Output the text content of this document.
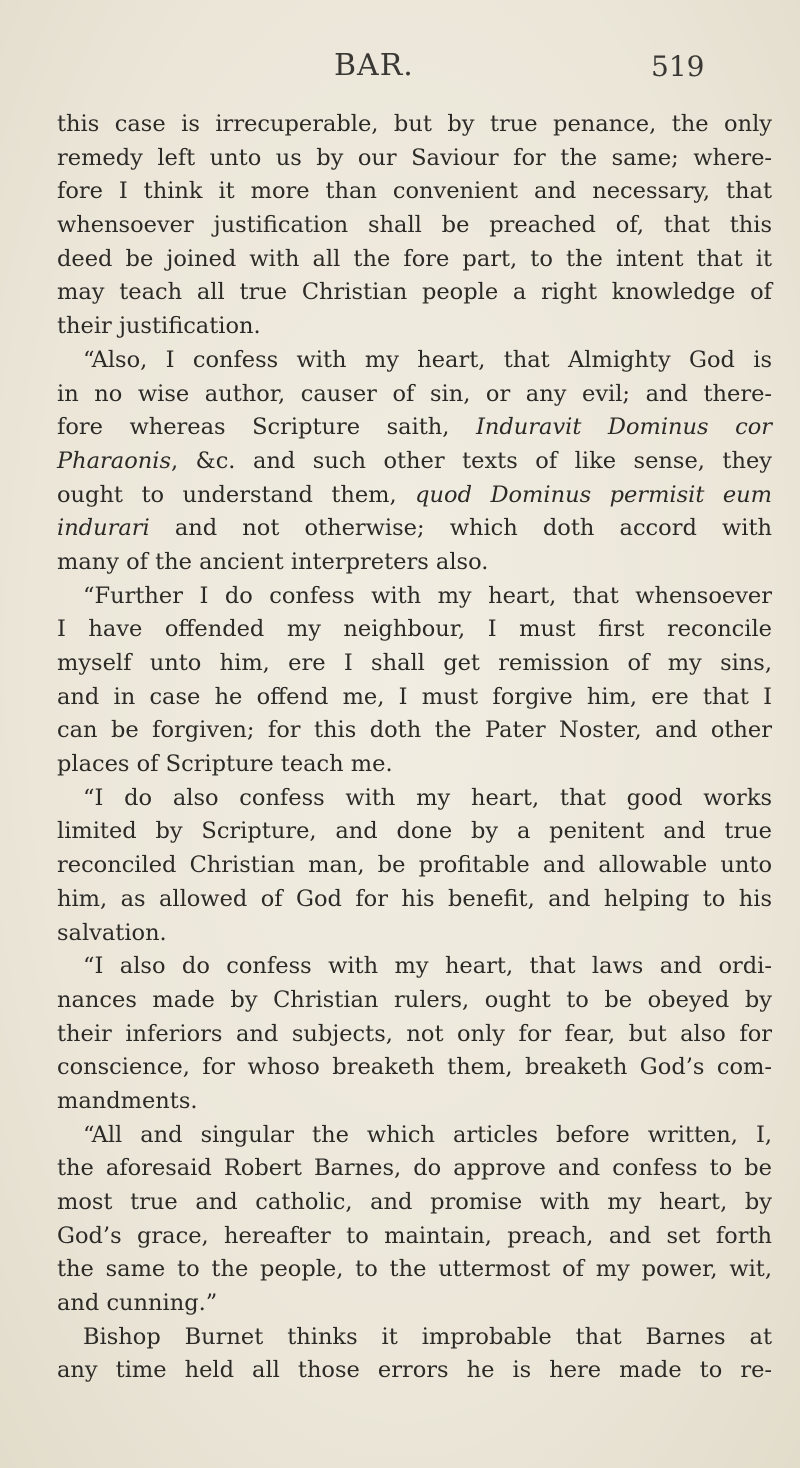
BAR.	519
this case is irrecuperable, but by true penance, the only
remedy left unto us by our Saviour for the same; where-
fore I think it more than convenient and necessary, that
whensoever justification shall be preached of, that this
deed be joined with all the fore part, to the intent that it
may teach all true Christian people a right knowledge of
their justification.
“Also, I confess with my heart, that Almighty God is
in no wise author, causer of sin, or any evil; and there-
fore whereas Scripture saith, Induravit Dominus cor
Pharaonis, &c. and such other texts of like sense, they
ought to understand them, quod Dominus permisit eum
indurari and not otherwise; which doth accord with
many of the ancient interpreters also.
“Further I do confess with my heart, that whensoever
I have offended my neighbour, I must first reconcile
myself unto him, ere I shall get remission of my sins,
and in case he offend me, I must forgive him, ere that I
can be forgiven; for this doth the Pater Noster, and other
places of Scripture teach me.
“I do also confess with my heart, that good works
limited by Scripture, and done by a penitent and true
reconciled Christian man, be profitable and allowable unto
him, as allowed of God for his benefit, and helping to his
salvation.
“I also do confess with my heart, that laws and ordi-
nances made by Christian rulers, ought to be obeyed by
their inferiors and subjects, not only for fear, but also for
conscience, for whoso breaketh them, breaketh God’s com-
mandments.
“All and singular the which articles before written, I,
the aforesaid Robert Barnes, do approve and confess to be
most true and catholic, and promise with my heart, by
God’s grace, hereafter to maintain, preach, and set forth
the same to the people, to the uttermost of my power, wit,
and cunning.”
Bishop Burnet thinks it improbable that Barnes at
any time held all those errors he is here made to re-
